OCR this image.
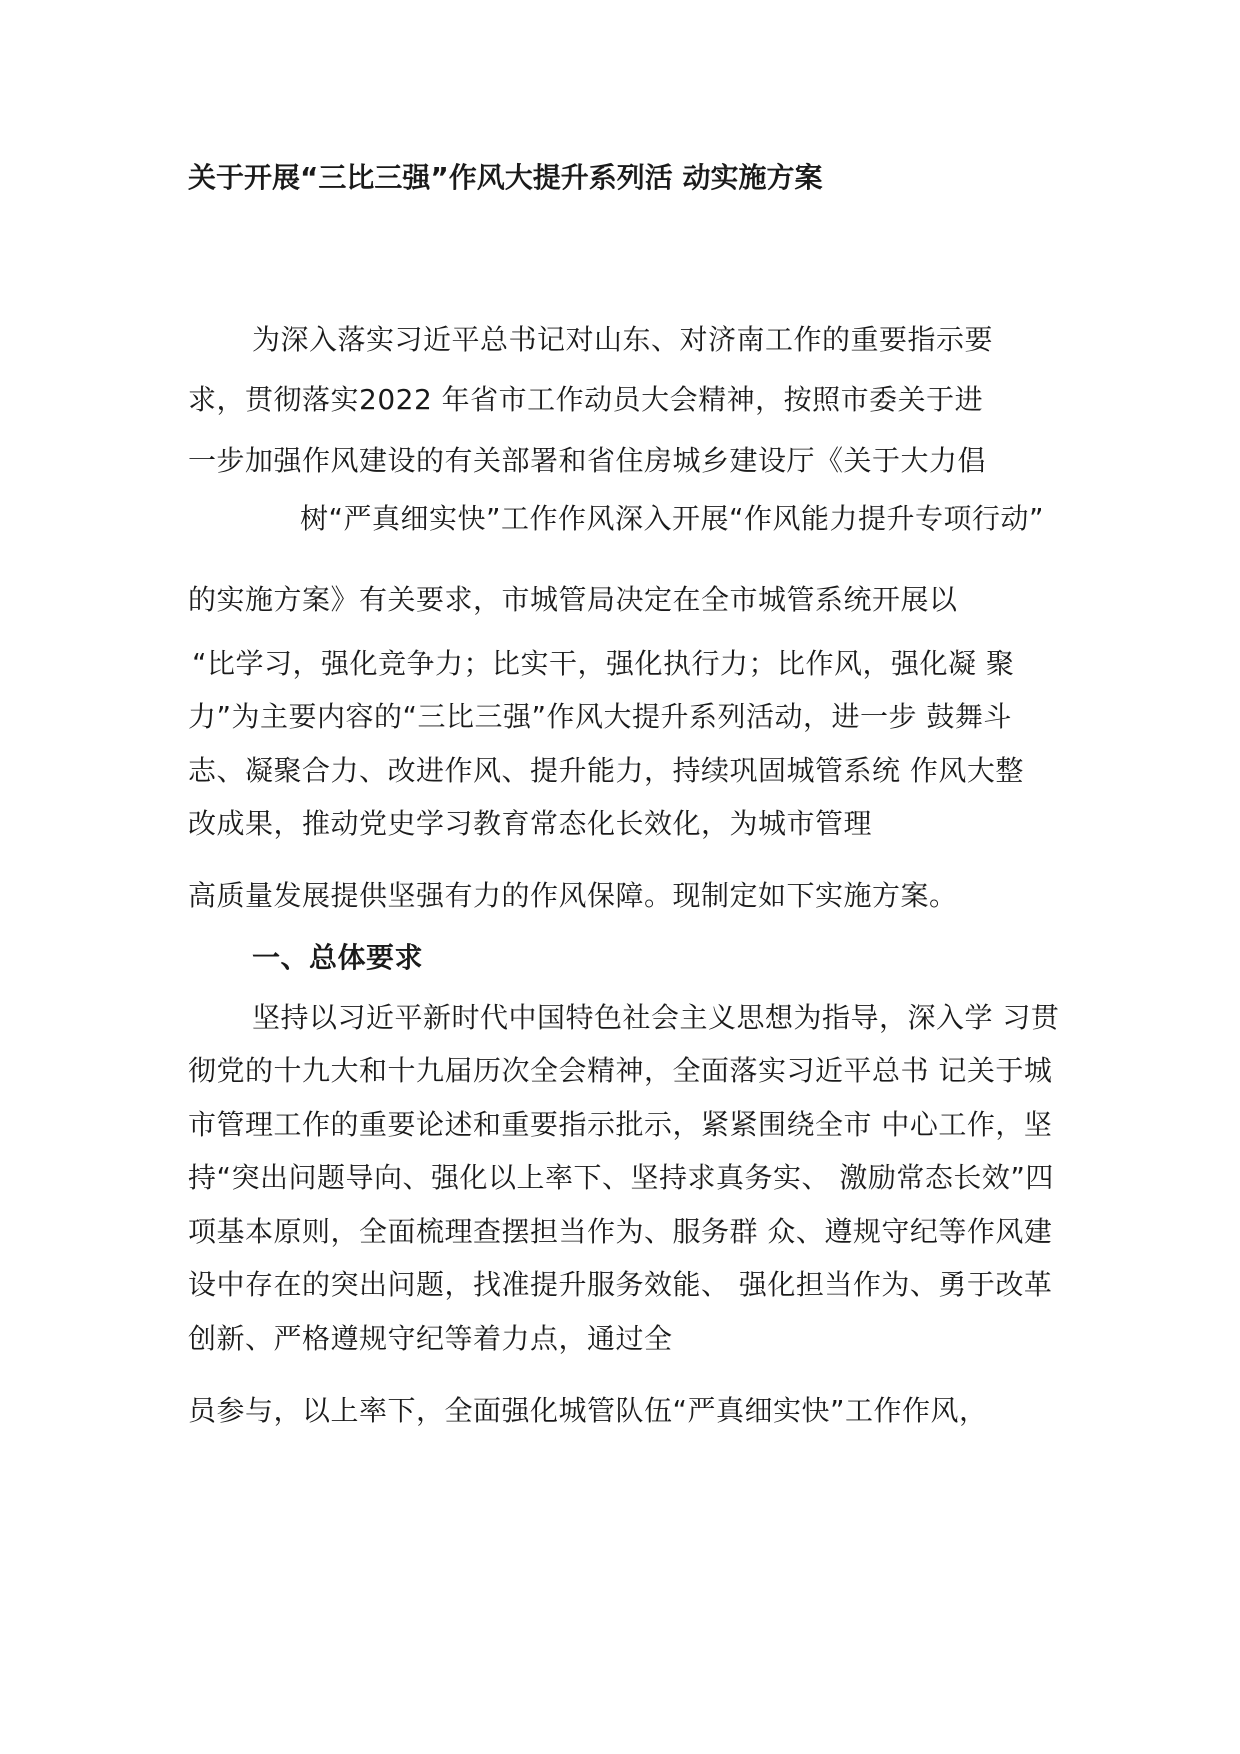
关于开展“三比三强”作风大提升系列活 动实施方案
为深入落实习近平总书记对山东、对济南工作的重要指示要
求，贯彻落实2022 年省市工作动员大会精神，按照市委关于进
一步加强作风建设的有关部署和省住房城乡建设厅《关于大力倡
树“严真细实快”工作作风深入开展“作风能力提升专项行动”
的实施方案》有关要求，市城管局决定在全市城管系统开展以
“比学习，强化竞争力；比实干，强化执行力；比作风，强化凝 聚
力”为主要内容的“三比三强”作风大提升系列活动，进一步 鼓舞斗
志、凝聚合力、改进作风、提升能力，持续巩固城管系统 作风大整
改成果，推动党史学习教育常态化长效化，为城市管理
高质量发展提供坚强有力的作风保障。现制定如下实施方案。
一、总体要求
坚持以习近平新时代中国特色社会主义思想为指导，深入学 习贯
彻党的十九大和十九届历次全会精神，全面落实习近平总书 记关于城
市管理工作的重要论述和重要指示批示，紧紧围绕全市 中心工作，坚
持“突出问题导向、强化以上率下、坚持求真务实、 激励常态长效”四
项基本原则，全面梳理查摆担当作为、服务群 众、遵规守纪等作风建
设中存在的突出问题，找准提升服务效能、 强化担当作为、勇于改革
创新、严格遵规守纪等着力点，通过全
员参与，以上率下，全面强化城管队伍“严真细实快”工作作风，
